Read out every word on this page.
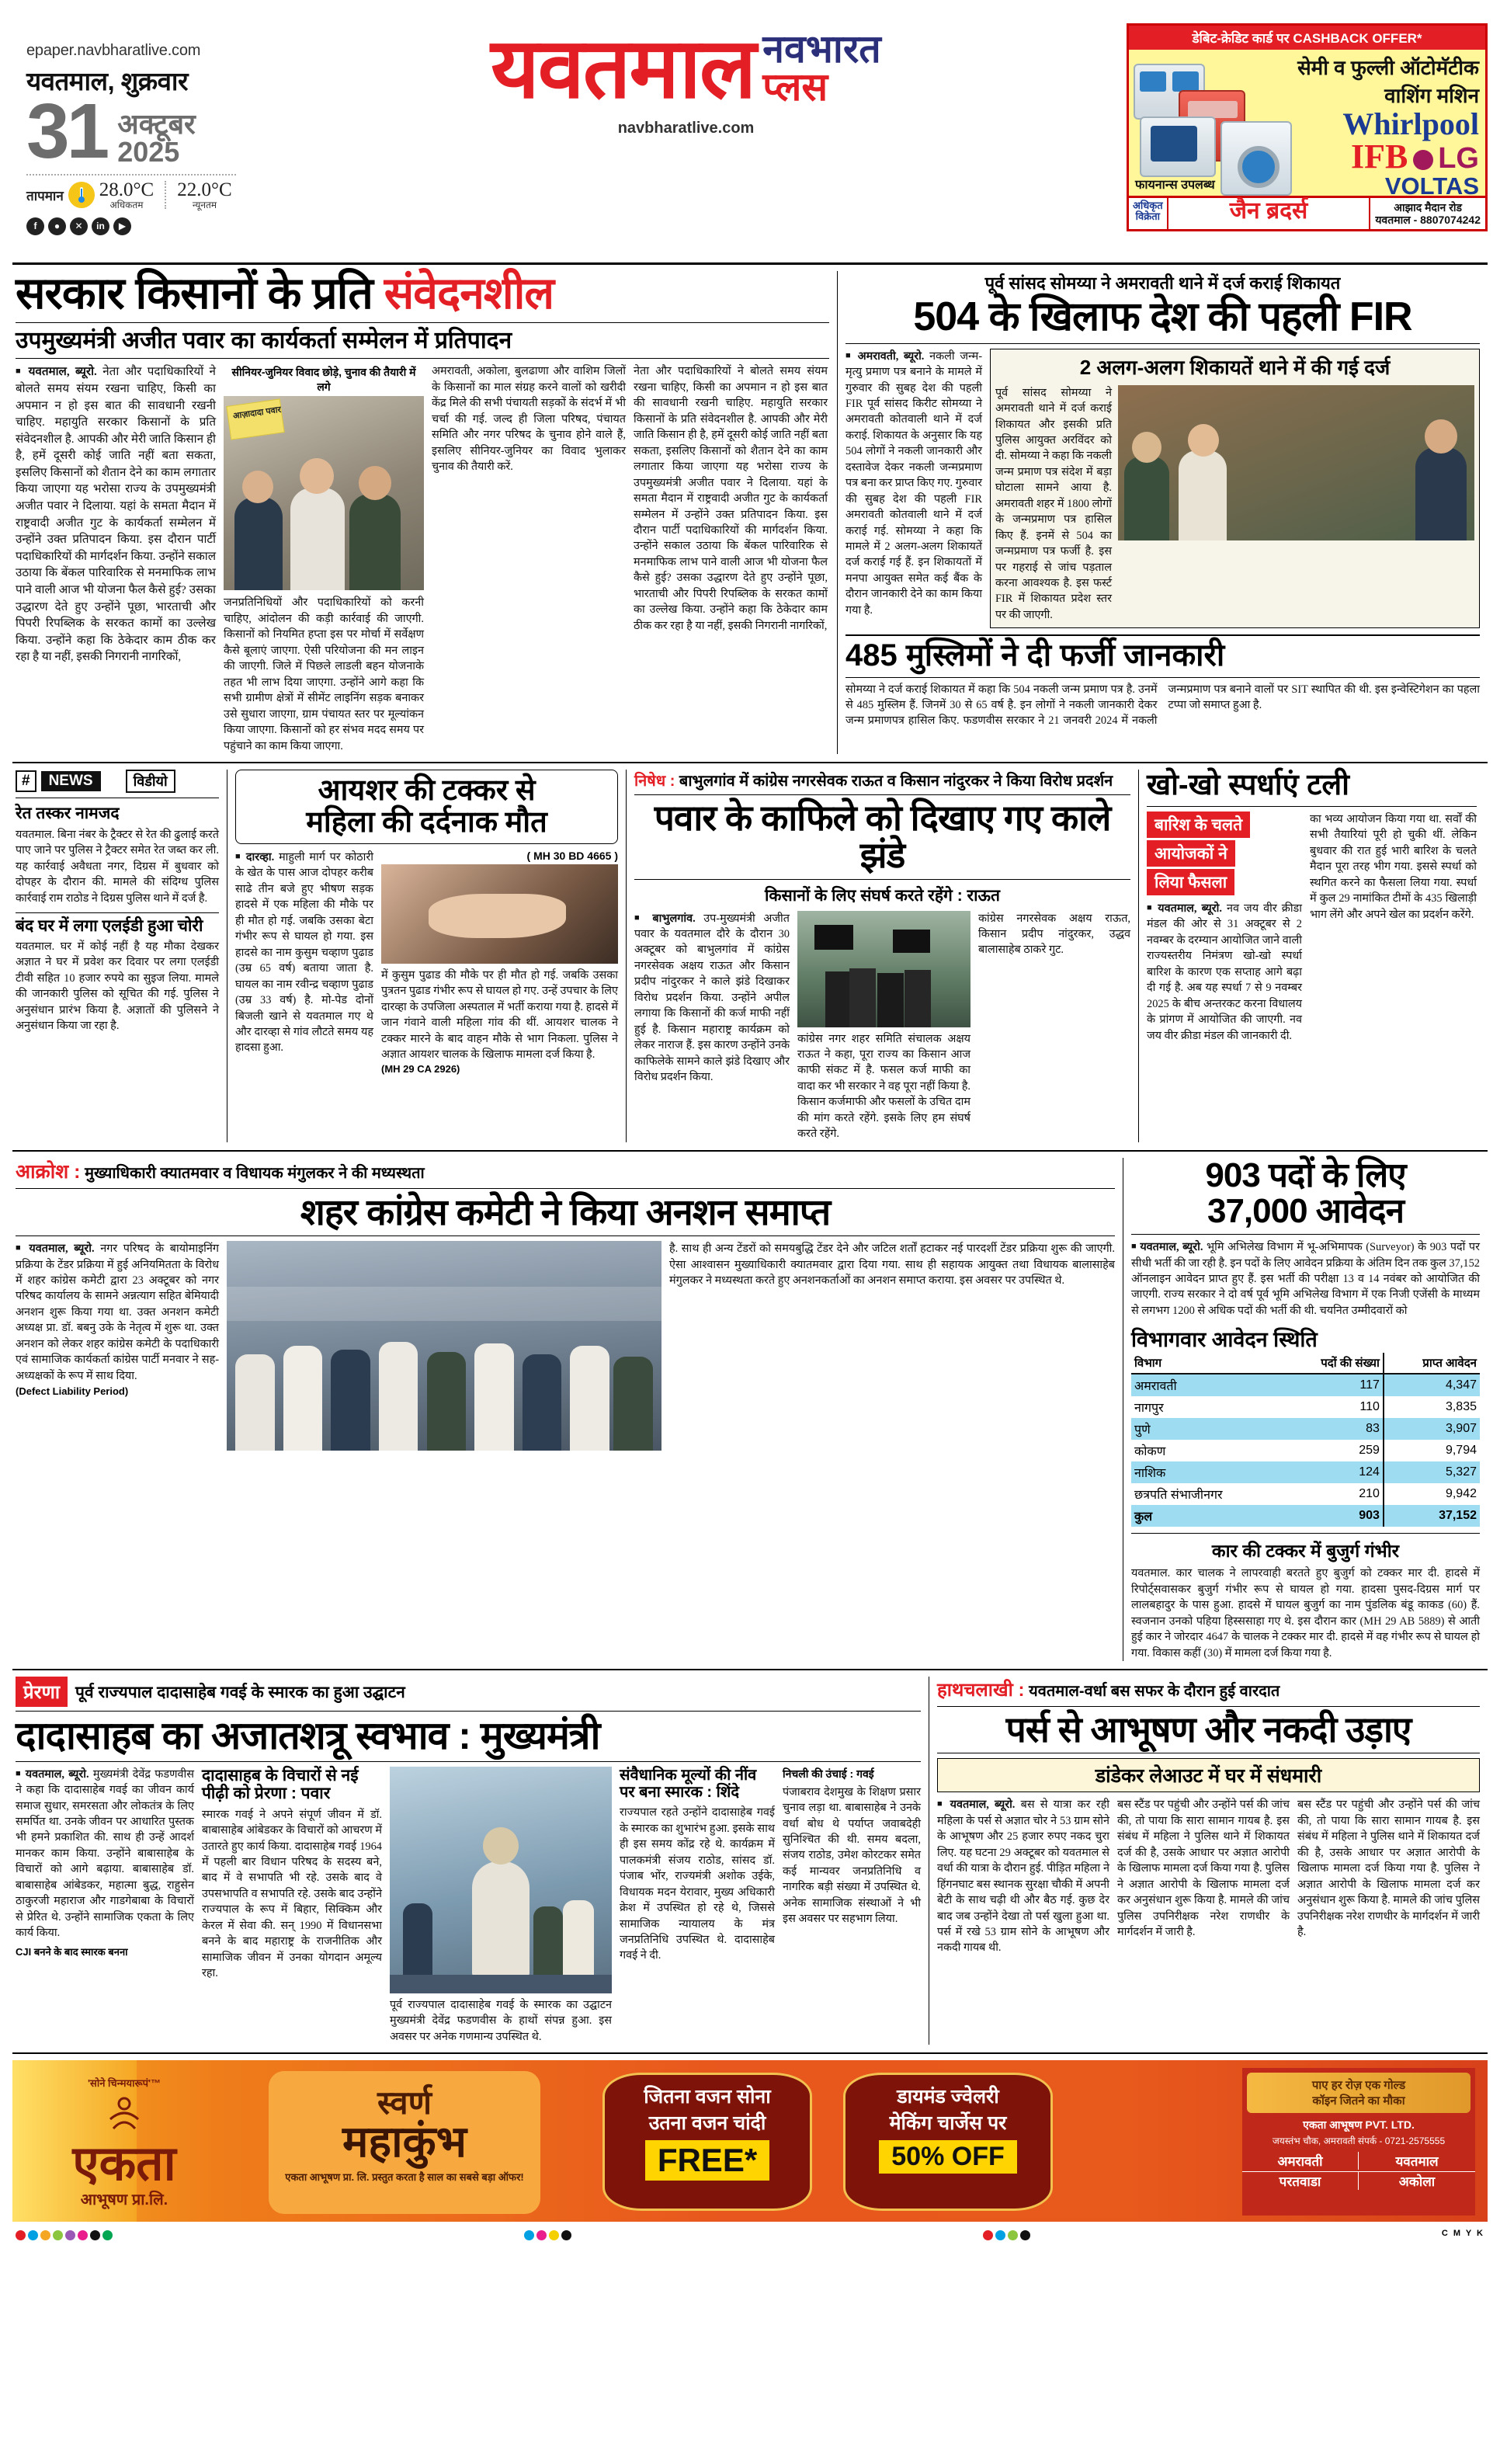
epaper.navbharatlive.com
यवतमाल, शुक्रवार
31 अक्टूबर
2025
तापमान 28.0°C
अधिकतम
22.0°C
न्यूनतम
f	●	✕	in	▶
यवतमाल नवभारत
प्लस
navbharatlive.com
डेबिट-क्रेडिट कार्ड पर CASHBACK OFFER*
सेमी व फुल्ली ऑटोमॅटीक
वाशिंग मशिन
Whirlpool
IFB LG
VOLTAS
फायनान्स उपलब्ध
अधिकृत
विक्रेता	जैन ब्रदर्स	आझाद मैदान रोड
यवतमाल - 8807074242
सरकार किसानों के प्रति संवेदनशील
उपमुख्यमंत्री अजीत पवार का कार्यकर्ता सम्मेलन में प्रतिपादन

■ यवतमाल, ब्यूरो. नेता और पदाधिकारियों ने बोलते समय संयम रखना चाहिए, किसी का अपमान न हो इस बात की सावधानी रखनी चाहिए. महायुति सरकार किसानों के प्रति संवेदनशील है. आपकी और मेरी जाति किसान ही है, हमें दूसरी कोई जाति नहीं बता सकता, इसलिए किसानों को शैतान देने का काम लगातार किया जाएगा यह भरोसा राज्य के उपमुख्यमंत्री अजीत पवार ने दिलाया. यहां के समता मैदान में राष्ट्रवादी अजीत गुट के कार्यकर्ता सम्मेलन में उन्होंने उक्त प्रतिपादन किया. इस दौरान पार्टी पदाधिकारियों की मार्गदर्शन किया. उन्होंने सकाल उठाया कि बेंकल पारिवारिक से मनमाफिक लाभ पाने वाली आज भी योजना फैल कैसे हुई? उसका उद्धारण देते हुए उन्होंने पूछा, भारताची और पिपरी रिपब्लिक के सरकत कामों का उल्लेख किया. उन्होंने कहा कि ठेकेदार काम ठीक कर रहा है या नहीं, इसकी निगरानी नागरिकों,

सीनियर-जुनियर विवाद छोड़े, चुनाव की तैयारी में लगे
आज़ादादा पवार

जनप्रतिनिधियों और पदाधिकारियों को करनी चाहिए, आंदोलन की कड़ी कार्रवाई की जाएगी. किसानों को नियमित हप्ता इस पर मोर्चा में सर्वेक्षण कैसे बूलाएं जाएगा. ऐसी परियोजना की मन लाइन की जाएगी. जिले में पिछले लाडली बहन योजनाके तहत भी लाभ दिया जाएगा. उन्होंने आगे कहा कि सभी ग्रामीण क्षेत्रों में सीमेंट लाइनिंग सड़क बनाकर उसे सुधारा जाएगा, ग्राम पंचायत स्तर पर मूल्यांकन किया जाएगा. किसानों को हर संभव मदद समय पर पहुंचाने का काम किया जाएगा.

अमरावती, अकोला, बुलढाणा और वाशिम जिलों के किसानों का माल संग्रह करने वालों को खरीदी केंद्र मिले की सभी पंचायती सड़कों के संदर्भ में भी चर्चा की गई. जल्द ही जिला परिषद, पंचायत समिति और नगर परिषद के चुनाव होने वाले हैं, इसलिए सीनियर-जुनियर का विवाद भुलाकर चुनाव की तैयारी करें.

नेता और पदाधिकारियों ने बोलते समय संयम रखना चाहिए, किसी का अपमान न हो इस बात की सावधानी रखनी चाहिए. महायुति सरकार किसानों के प्रति संवेदनशील है. आपकी और मेरी जाति किसान ही है, हमें दूसरी कोई जाति नहीं बता सकता, इसलिए किसानों को शैतान देने का काम लगातार किया जाएगा यह भरोसा राज्य के उपमुख्यमंत्री अजीत पवार ने दिलाया. यहां के समता मैदान में राष्ट्रवादी अजीत गुट के कार्यकर्ता सम्मेलन में उन्होंने उक्त प्रतिपादन किया. इस दौरान पार्टी पदाधिकारियों की मार्गदर्शन किया. उन्होंने सकाल उठाया कि बेंकल पारिवारिक से मनमाफिक लाभ पाने वाली आज भी योजना फैल कैसे हुई? उसका उद्धारण देते हुए उन्होंने पूछा, भारताची और पिपरी रिपब्लिक के सरकत कामों का उल्लेख किया. उन्होंने कहा कि ठेकेदार काम ठीक कर रहा है या नहीं, इसकी निगरानी नागरिकों,

पूर्व सांसद सोमय्या ने अमरावती थाने में दर्ज कराई शिकायत
504 के खिलाफ देश की पहली FIR

■ अमरावती, ब्यूरो. नकली जन्म-मृत्यु प्रमाण पत्र बनाने के मामले में गुरुवार की सुबह देश की पहली FIR पूर्व सांसद किरीट सोमय्या ने अमरावती कोतवाली थाने में दर्ज कराई. शिकायत के अनुसार कि यह 504 लोगों ने नकली जानकारी और दस्तावेज देकर नकली जन्मप्रमाण पत्र बना कर प्राप्त किए गए. गुरुवार की सुबह देश की पहली FIR अमरावती कोतवाली थाने में दर्ज कराई गई. सोमय्या ने कहा कि मामले में 2 अलग-अलग शिकायतें दर्ज कराई गई हैं. इन शिकायतों में मनपा आयुक्त समेत कई बैंक के दौरान जानकारी देने का काम किया गया है.

2 अलग-अलग शिकायतें थाने में की गई दर्ज

पूर्व सांसद सोमय्या ने अमरावती थाने में दर्ज कराई शिकायत और इसकी प्रति पुलिस आयुक्त अरविंदर को दी. सोमय्या ने कहा कि नकली जन्म प्रमाण पत्र संदेश में बड़ा घोटाला सामने आया है. अमरावती शहर में 1800 लोगों के जन्मप्रमाण पत्र हासिल किए हैं. इनमें से 504 का जन्मप्रमाण पत्र फर्जी है. इस पर गहराई से जांच पड़ताल करना आवश्यक है. इस फर्स्ट FIR में शिकायत प्रदेश स्तर पर की जाएगी.

485 मुस्लिमों ने दी फर्जी जानकारी

सोमय्या ने दर्ज कराई शिकायत में कहा कि 504 नकली जन्म प्रमाण पत्र है. उनमें से 485 मुस्लिम हैं. जिनमें 30 से 65 वर्ष है. इन लोगों ने नकली जानकारी देकर जन्म प्रमाणपत्र हासिल किए. फडणवीस सरकार ने 21 जनवरी 2024 में नकली जन्मप्रमाण पत्र बनाने वालों पर SIT स्थापित की थी. इस इन्वेस्टिगेशन का पहला टप्पा जो समाप्त हुआ है.

#	NEWS	विडीयो
रेत तस्कर नामजद

यवतमाल. बिना नंबर के ट्रैक्टर से रेत की ढुलाई करते पाए जाने पर पुलिस ने ट्रैक्टर समेत रेत जब्त कर ली. यह कार्रवाई अवैधता नगर, दिग्रस में बुधवार को दोपहर के दौरान की. मामले की संदिग्ध पुलिस कार्रवाई राम राठोड ने दिग्रस पुलिस थाने में दर्ज है.

बंद घर में लगा एलईडी हुआ चोरी

यवतमाल. घर में कोई नहीं है यह मौका देखकर अज्ञात ने घर में प्रवेश कर दिवार पर लगा एलईडी टीवी सहित 10 हजार रुपये का सुइज लिया. मामले की जानकारी पुलिस को सूचित की गई. पुलिस ने अनुसंधान प्रारंभ किया है. अज्ञातों की पुलिसने ने अनुसंधान किया जा रहा है.

आयशर की टक्कर से
महिला की दर्दनाक मौत

■ दारव्हा. माहुली मार्ग पर कोठारी के खेत के पास आज दोपहर करीब साढे तीन बजे हुए भीषण सड़क हादसे में एक महिला की मौके पर ही मौत हो गई. जबकि उसका बेटा गंभीर रूप से घायल हो गया. इस हादसे का नाम कुसुम चव्हाण पुढाड (उम्र 65 वर्ष) बताया जाता है. घायल का नाम रवीन्द्र चव्हाण पुढाड (उम्र 33 वर्ष) है. मो-पेड दोनों बिजली खाने से यवतमाल गए थे और दारव्हा से गांव लौटते समय यह हादसा हुआ.

( MH 30 BD 4665 )

में कुसुम पुढाड की मौके पर ही मौत हो गई. जबकि उसका पुत्रतन पुढाड गंभीर रूप से घायल हो गए. उन्हें उपचार के लिए दारव्हा के उपजिला अस्पताल में भर्ती कराया गया है. हादसे में जान गंवाने वाली महिला गांव की थीं. आयशर चालक ने टक्कर मारने के बाद वाहन मौके से भाग निकला. पुलिस ने अज्ञात आयशर चालक के खिलाफ मामला दर्ज किया है.

(MH 29 CA 2926)
निषेध : बाभुलगांव में कांग्रेस नगरसेवक राऊत व किसान नांदुरकर ने किया विरोध प्रदर्शन
पवार के काफिले को दिखाए गए काले झंडे
किसानों के लिए संघर्ष करते रहेंगे : राऊत

■ बाभुलगांव. उप-मुख्यमंत्री अजीत पवार के यवतमाल दौरे के दौरान 30 अक्टूबर को बाभुलगांव में कांग्रेस नगरसेवक अक्षय राऊत और किसान प्रदीप नांदुरकर ने काले झंडे दिखाकर विरोध प्रदर्शन किया. उन्होंने अपील लगाया कि किसानों की कर्ज माफी नहीं हुई है. किसान महाराष्ट्र कार्यक्रम को लेकर नाराज हैं. इस कारण उन्होंने उनके काफिलेके सामने काले झंडे दिखाए और विरोध प्रदर्शन किया.

कांग्रेस नगर शहर समिति संचालक अक्षय राऊत ने कहा, पूरा राज्य का किसान आज काफी संकट में है. फसल कर्ज माफी का वादा कर भी सरकार ने वह पूरा नहीं किया है. किसान कर्जमाफी और फसलों के उचित दाम की मांग करते रहेंगे. इसके लिए हम संघर्ष करते रहेंगे.

कांग्रेस नगरसेवक अक्षय राऊत, किसान प्रदीप नांदुरकर, उद्धव बालासाहेब ठाकरे गुट.

खो-खो स्पर्धाएं टली
बारिश के चलते
आयोजकों ने
लिया फैसला

■ यवतमाल, ब्यूरो. नव जय वीर क्रीडा मंडल की ओर से 31 अक्टूबर से 2 नवम्बर के दरम्यान आयोजित जाने वाली राज्यस्तरीय निमंत्रण खो-खो स्पर्धा बारिश के कारण एक सप्ताह आगे बढ़ा दी गई है. अब यह स्पर्धा 7 से 9 नवम्बर 2025 के बीच अन्तरकट करना विधालय के प्रांगण में आयोजित की जाएगी. नव जय वीर क्रीडा मंडल की जानकारी दी.

का भव्य आयोजन किया गया था. सर्वों की सभी तैयारियां पूरी हो चुकी थीं. लेकिन बुधवार की रात हुई भारी बारिश के चलते मैदान पूरा तरह भीग गया. इससे स्पर्धा को स्थगित करने का फैसला लिया गया. स्पर्धा में कुल 29 नामांकित टीमों के 435 खिलाड़ी भाग लेंगे और अपने खेल का प्रदर्शन करेंगे.

आक्रोश : मुख्याधिकारी क्यातमवार व विधायक मंगुलकर ने की मध्यस्थता
शहर कांग्रेस कमेटी ने किया अनशन समाप्त

■ यवतमाल, ब्यूरो. नगर परिषद के बायोमाइनिंग प्रक्रिया के टेंडर प्रक्रिया में हुई अनियमितता के विरोध में शहर कांग्रेस कमेटी द्वारा 23 अक्टूबर को नगर परिषद कार्यालय के सामने अन्नत्याग सहित बेमियादी अनशन शुरू किया गया था. उक्त अनशन कमेटी अध्यक्ष प्रा. डॉ. बबनु उके के नेतृत्व में शुरू था. उक्त अनशन को लेकर शहर कांग्रेस कमेटी के पदाधिकारी एवं सामाजिक कार्यकर्ता कांग्रेस पार्टी मनवार ने सह-अध्यक्षकों के रूप में साथ दिया.

(Defect Liability Period)

है. साथ ही अन्य टेंडरों को समयबुद्धि टेंडर देने और जटिल शर्तों हटाकर नई पारदर्शी टेंडर प्रक्रिया शुरू की जाएगी. ऐसा आश्वासन मुख्याधिकारी क्यातमवार द्वारा दिया गया. साथ ही सहायक आयुक्त तथा विधायक बालासाहेब मंगुलकर ने मध्यस्थता करते हुए अनशनकर्ताओं का अनशन समाप्त कराया. इस अवसर पर उपस्थित थे.

903 पदों के लिए
37,000 आवेदन

■ यवतमाल, ब्यूरो. भूमि अभिलेख विभाग में भू-अभिमापक (Surveyor) के 903 पदों पर सीधी भर्ती की जा रही है. इन पदों के लिए आवेदन प्रक्रिया के अंतिम दिन तक कुल 37,152 ऑनलाइन आवेदन प्राप्त हुए हैं. इस भर्ती की परीक्षा 13 व 14 नवंबर को आयोजित की जाएगी. राज्य सरकार ने दो वर्ष पूर्व भूमि अभिलेख विभाग में एक निजी एजेंसी के माध्यम से लगभग 1200 से अधिक पदों की भर्ती की थी. चयनित उम्मीदवारों को

विभागवार आवेदन स्थिति
विभाग	पदों की संख्या	प्राप्त आवेदन
अमरावती	117	4,347
नागपुर	110	3,835
पुणे	83	3,907
कोकण	259	9,794
नाशिक	124	5,327
छत्रपति संभाजीनगर	210	9,942
कुल	903	37,152
कार की टक्कर में बुजुर्ग गंभीर

यवतमाल. कार चालक ने लापरवाही बरतते हुए बुजुर्ग को टक्कर मार दी. हादसे में रिपोर्ट्सवासकर बुजुर्ग गंभीर रूप से घायल हो गया. हादसा पुसद-दिग्रस मार्ग पर लालबहादुर के पास हुआ. हादसे में घायल बुजुर्ग का नाम पुंडलिक बंडू काकड (60) हैं. स्वजनान उनको पहिया हिस्ससाहा गए थे. इस दौरान कार (MH 29 AB 5889) से आती हुई कार ने जोरदार 4647 के चालक ने टक्कर मार दी. हादसे में वह गंभीर रूप से घायल हो गया. विकास कहीं (30) में मामला दर्ज किया गया है.

प्रेरणा पूर्व राज्यपाल दादासाहेब गवई के स्मारक का हुआ उद्घाटन
दादासाहब का अजातशत्रू स्वभाव : मुख्यमंत्री

■ यवतमाल, ब्यूरो. मुख्यमंत्री देवेंद्र फडणवीस ने कहा कि दादासाहेब गवई का जीवन कार्य समाज सुधार, समरसता और लोकतंत्र के लिए समर्पित था. उनके जीवन पर आधारित पुस्तक भी हमने प्रकाशित की. साथ ही उन्हें आदर्श मानकर काम किया. उन्होंने बाबासाहेब के विचारों को आगे बढ़ाया. बाबासाहेब डॉ. बाबासाहेब आंबेडकर, महात्मा बुद्ध, राहुसेन ठाकुरजी महाराज और गाडगेबाबा के विचारों से प्रेरित थे. उन्होंने सामाजिक एकता के लिए कार्य किया.

CJI बनने के बाद स्मारक बनना
दादासाहब के विचारों से नई पीढ़ी को प्रेरणा : पवार

स्मारक गवई ने अपने संपूर्ण जीवन में डॉ. बाबासाहेब आंबेडकर के विचारों को आचरण में उतारते हुए कार्य किया. दादासाहेब गवई 1964 में पहली बार विधान परिषद के सदस्य बने, बाद में वे सभापति भी रहे. उसके बाद वे उपसभापति व सभापति रहे. उसके बाद उन्होंने राज्यपाल के रूप में बिहार, सिक्किम और केरल में सेवा की. सन् 1990 में विधानसभा बनने के बाद महाराष्ट्र के राजनीतिक और सामाजिक जीवन में उनका योगदान अमूल्य रहा.

पूर्व राज्यपाल दादासाहेब गवई के स्मारक का उद्घाटन मुख्यमंत्री देवेंद्र फडणवीस के हाथों संपन्न हुआ. इस अवसर पर अनेक गणमान्य उपस्थित थे.

संवैधानिक मूल्यों की नींव
पर बना स्मारक : शिंदे

राज्यपाल रहते उन्होंने दादासाहेब गवई के स्मारक का शुभारंभ हुआ. इसके साथ ही इस समय कोंद्र रहे थे. कार्यक्रम में पालकमंत्री संजय राठोड, सांसद डॉ. पंजाब भोंर, राज्यमंत्री अशोक उईके, विधायक मदन येरावार, मुख्य अधिकारी क्रेश में उपस्थित हो रहे थे, जिससे सामाजिक न्यायालय के मंत्र जनप्रतिनिधि उपस्थित थे. दादासाहेब गवई ने दी.

निचली की उंचाई : गवई

पंजाबराव देशमुख के शिक्षण प्रसार चुनाव लड़ा था. बाबासाहेब ने उनके वर्धा बोध थे पर्याप्त जवाबदेही सुनिश्चित की थी. समय बदला, संजय राठोड, उमेश कोरटकर समेत कई मान्यवर जनप्रतिनिधि व नागरिक बड़ी संख्या में उपस्थित थे. अनेक सामाजिक संस्थाओं ने भी इस अवसर पर सहभाग लिया.

हाथचलाखी : यवतमाल-वर्धा बस सफर के दौरान हुई वारदात
पर्स से आभूषण और नकदी उड़ाए
डांडेकर लेआउट में घर में संधमारी

■ यवतमाल, ब्यूरो. बस से यात्रा कर रही महिला के पर्स से अज्ञात चोर ने 53 ग्राम सोने के आभूषण और 25 हजार रुपए नकद चुरा लिए. यह घटना 29 अक्टूबर को यवतमाल से वर्धा की यात्रा के दौरान हुई. पीड़ित महिला ने हिंगनघाट बस स्थानक सुरक्षा चौकी में अपनी बेटी के साथ चढ़ी थी और बैठ गई. कुछ देर बाद जब उन्होंने देखा तो पर्स खुला हुआ था. पर्स में रखे 53 ग्राम सोने के आभूषण और नकदी गायब थी.

बस स्टैंड पर पहुंची और उन्होंने पर्स की जांच की, तो पाया कि सारा सामान गायब है. इस संबंध में महिला ने पुलिस थाने में शिकायत दर्ज की है, उसके आधार पर अज्ञात आरोपी के खिलाफ मामला दर्ज किया गया है. पुलिस ने अज्ञात आरोपी के खिलाफ मामला दर्ज कर अनुसंधान शुरू किया है. मामले की जांच पुलिस उपनिरीक्षक नरेश राणधीर के मार्गदर्शन में जारी है.

बस स्टैंड पर पहुंची और उन्होंने पर्स की जांच की, तो पाया कि सारा सामान गायब है. इस संबंध में महिला ने पुलिस थाने में शिकायत दर्ज की है, उसके आधार पर अज्ञात आरोपी के खिलाफ मामला दर्ज किया गया है. पुलिस ने अज्ञात आरोपी के खिलाफ मामला दर्ज कर अनुसंधान शुरू किया है. मामले की जांच पुलिस उपनिरीक्षक नरेश राणधीर के मार्गदर्शन में जारी है.

'सोने चिन्मयारूपं'™
एकता
आभूषण प्रा.लि.
स्वर्ण
महाकुंभ
एकता आभूषण प्रा. लि. प्रस्तुत करता है साल का सबसे बड़ा ऑफर!
जितना वजन सोना
उतना वजन चांदी
FREE*
डायमंड ज्वेलरी
मेकिंग चार्जेस पर
50% OFF
पाए हर रोज़ एक गोल्ड
कॉइन जितने का मौका
एकता आभूषण PVT. LTD.
जयस्तंभ चौक, अमरावती संपर्क - 0721-2575555
अमरावती	यवतमाल
परतवाडा	अकोला
C M Y K
